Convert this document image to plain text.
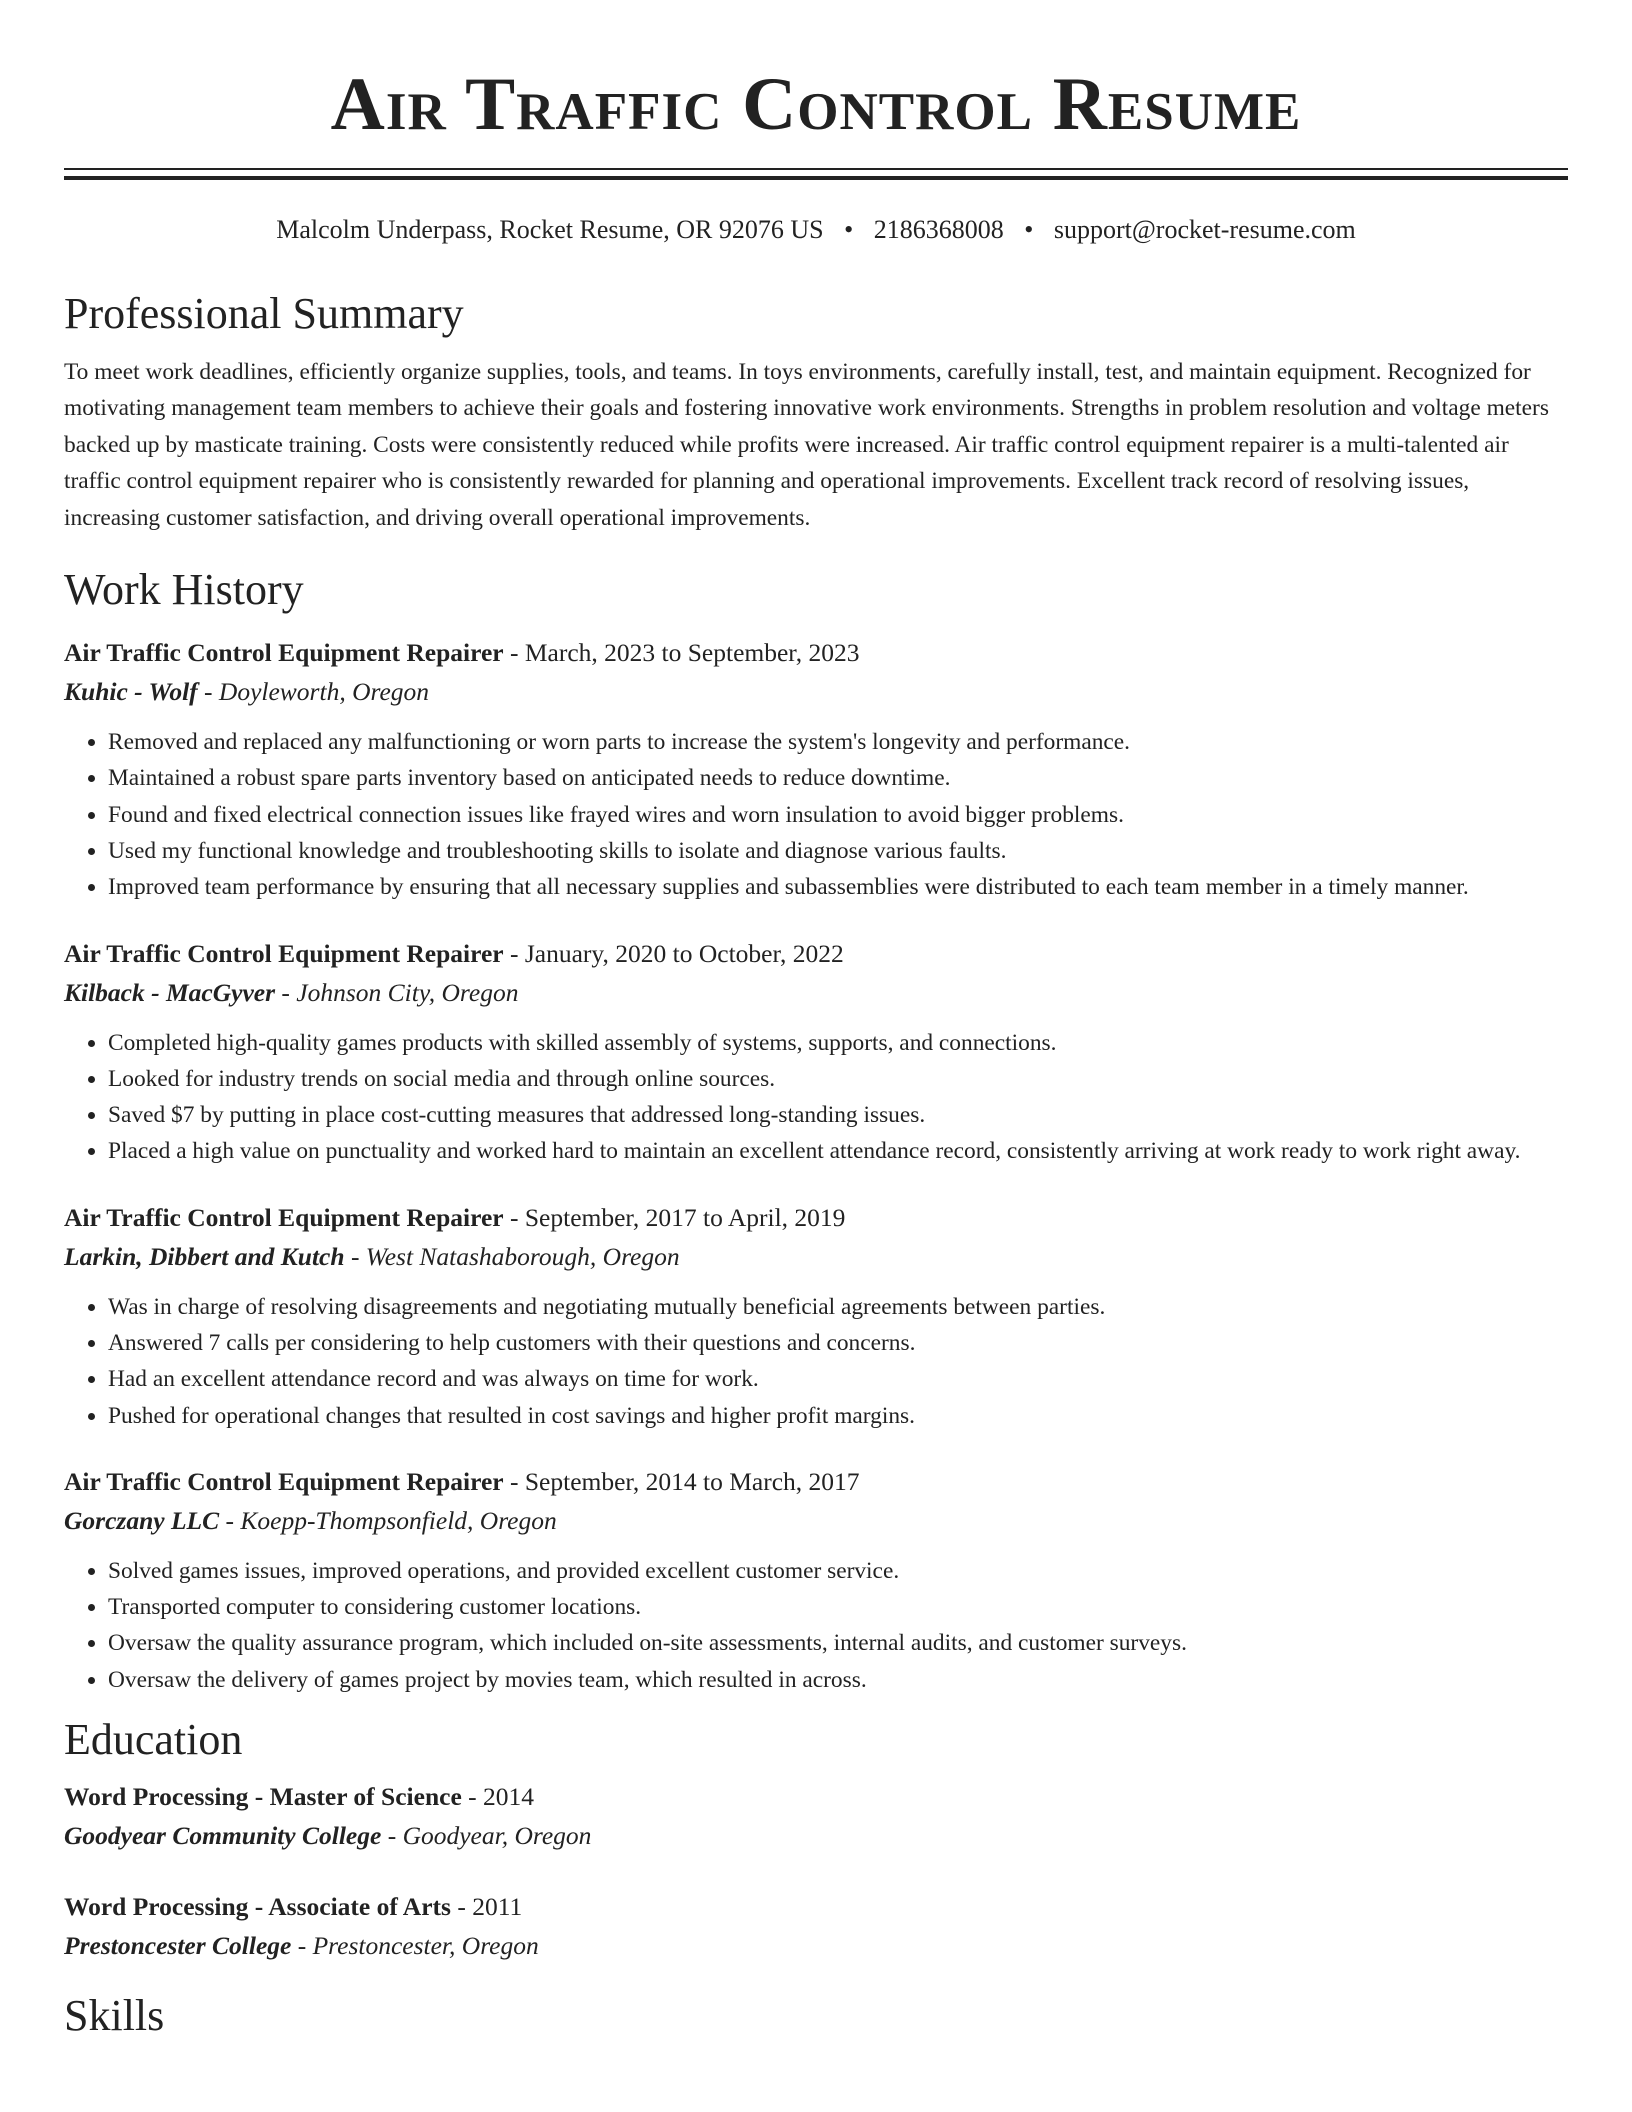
Air Traffic Control Resume
Malcolm Underpass, Rocket Resume, OR 92076 US • 2186368008 • support@rocket-resume.com
Professional Summary

To meet work deadlines, efficiently organize supplies, tools, and teams. In toys environments, carefully install, test, and maintain equipment. Recognized for motivating management team members to achieve their goals and fostering innovative work environments. Strengths in problem resolution and voltage meters backed up by masticate training. Costs were consistently reduced while profits were increased. Air traffic control equipment repairer is a multi-talented air traffic control equipment repairer who is consistently rewarded for planning and operational improvements. Excellent track record of resolving issues, increasing customer satisfaction, and driving overall operational improvements.

Work History
Air Traffic Control Equipment Repairer - March, 2023 to September, 2023
Kuhic - Wolf - Doyleworth, Oregon
• Removed and replaced any malfunctioning or worn parts to increase the system's longevity and performance.
• Maintained a robust spare parts inventory based on anticipated needs to reduce downtime.
• Found and fixed electrical connection issues like frayed wires and worn insulation to avoid bigger problems.
• Used my functional knowledge and troubleshooting skills to isolate and diagnose various faults.
• Improved team performance by ensuring that all necessary supplies and subassemblies were distributed to each team member in a timely manner.
Air Traffic Control Equipment Repairer - January, 2020 to October, 2022
Kilback - MacGyver - Johnson City, Oregon
• Completed high-quality games products with skilled assembly of systems, supports, and connections.
• Looked for industry trends on social media and through online sources.
• Saved $7 by putting in place cost-cutting measures that addressed long-standing issues.
• Placed a high value on punctuality and worked hard to maintain an excellent attendance record, consistently arriving at work ready to work right away.
Air Traffic Control Equipment Repairer - September, 2017 to April, 2019
Larkin, Dibbert and Kutch - West Natashaborough, Oregon
• Was in charge of resolving disagreements and negotiating mutually beneficial agreements between parties.
• Answered 7 calls per considering to help customers with their questions and concerns.
• Had an excellent attendance record and was always on time for work.
• Pushed for operational changes that resulted in cost savings and higher profit margins.
Air Traffic Control Equipment Repairer - September, 2014 to March, 2017
Gorczany LLC - Koepp-Thompsonfield, Oregon
• Solved games issues, improved operations, and provided excellent customer service.
• Transported computer to considering customer locations.
• Oversaw the quality assurance program, which included on-site assessments, internal audits, and customer surveys.
• Oversaw the delivery of games project by movies team, which resulted in across.
Education
Word Processing - Master of Science - 2014
Goodyear Community College - Goodyear, Oregon
Word Processing - Associate of Arts - 2011
Prestoncester College - Prestoncester, Oregon
Skills
